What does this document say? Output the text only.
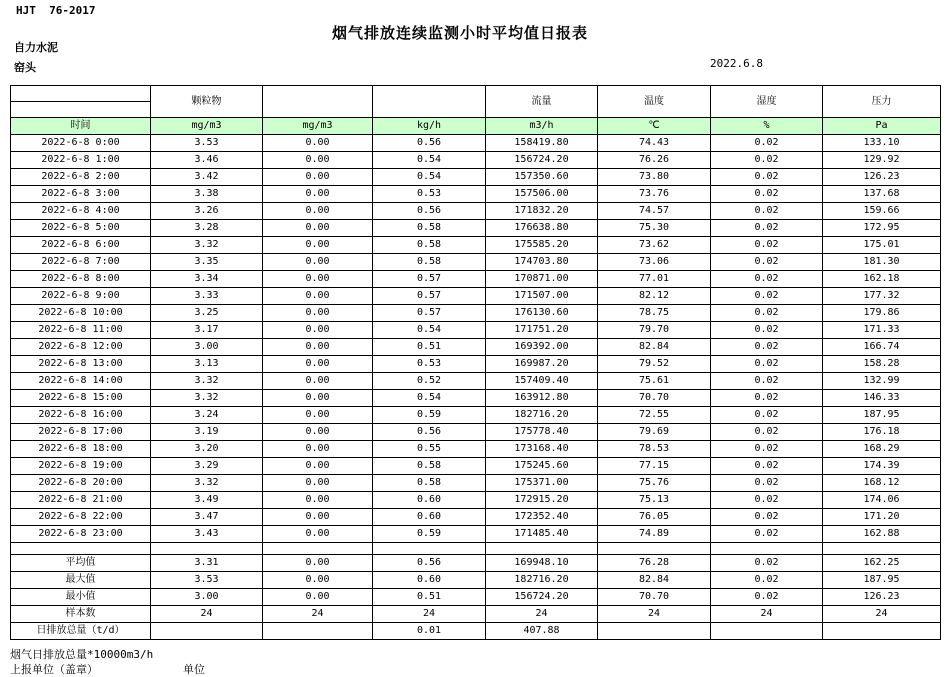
HJT  76-2017
烟气排放连续监测小时平均值日报表
自力水泥
窑头	2022.6.8
	颗粒物			流量	温度	湿度	压力

时间	mg/m3	mg/m3	kg/h	m3/h	℃	%	Pa
2022-6-8 0:00	3.53	0.00	0.56	158419.80	74.43	0.02	133.10
2022-6-8 1:00	3.46	0.00	0.54	156724.20	76.26	0.02	129.92
2022-6-8 2:00	3.42	0.00	0.54	157350.60	73.80	0.02	126.23
2022-6-8 3:00	3.38	0.00	0.53	157506.00	73.76	0.02	137.68
2022-6-8 4:00	3.26	0.00	0.56	171832.20	74.57	0.02	159.66
2022-6-8 5:00	3.28	0.00	0.58	176638.80	75.30	0.02	172.95
2022-6-8 6:00	3.32	0.00	0.58	175585.20	73.62	0.02	175.01
2022-6-8 7:00	3.35	0.00	0.58	174703.80	73.06	0.02	181.30
2022-6-8 8:00	3.34	0.00	0.57	170871.00	77.01	0.02	162.18
2022-6-8 9:00	3.33	0.00	0.57	171507.00	82.12	0.02	177.32
2022-6-8 10:00	3.25	0.00	0.57	176130.60	78.75	0.02	179.86
2022-6-8 11:00	3.17	0.00	0.54	171751.20	79.70	0.02	171.33
2022-6-8 12:00	3.00	0.00	0.51	169392.00	82.84	0.02	166.74
2022-6-8 13:00	3.13	0.00	0.53	169987.20	79.52	0.02	158.28
2022-6-8 14:00	3.32	0.00	0.52	157409.40	75.61	0.02	132.99
2022-6-8 15:00	3.32	0.00	0.54	163912.80	70.70	0.02	146.33
2022-6-8 16:00	3.24	0.00	0.59	182716.20	72.55	0.02	187.95
2022-6-8 17:00	3.19	0.00	0.56	175778.40	79.69	0.02	176.18
2022-6-8 18:00	3.20	0.00	0.55	173168.40	78.53	0.02	168.29
2022-6-8 19:00	3.29	0.00	0.58	175245.60	77.15	0.02	174.39
2022-6-8 20:00	3.32	0.00	0.58	175371.00	75.76	0.02	168.12
2022-6-8 21:00	3.49	0.00	0.60	172915.20	75.13	0.02	174.06
2022-6-8 22:00	3.47	0.00	0.60	172352.40	76.05	0.02	171.20
2022-6-8 23:00	3.43	0.00	0.59	171485.40	74.89	0.02	162.88

平均值	3.31	0.00	0.56	169948.10	76.28	0.02	162.25
最大值	3.53	0.00	0.60	182716.20	82.84	0.02	187.95
最小值	3.00	0.00	0.51	156724.20	70.70	0.02	126.23
样本数	24	24	24	24	24	24	24
日排放总量（t/d）			0.01	407.88			
烟气日排放总量*10000m3/h
上报单位（盖章）	单位
